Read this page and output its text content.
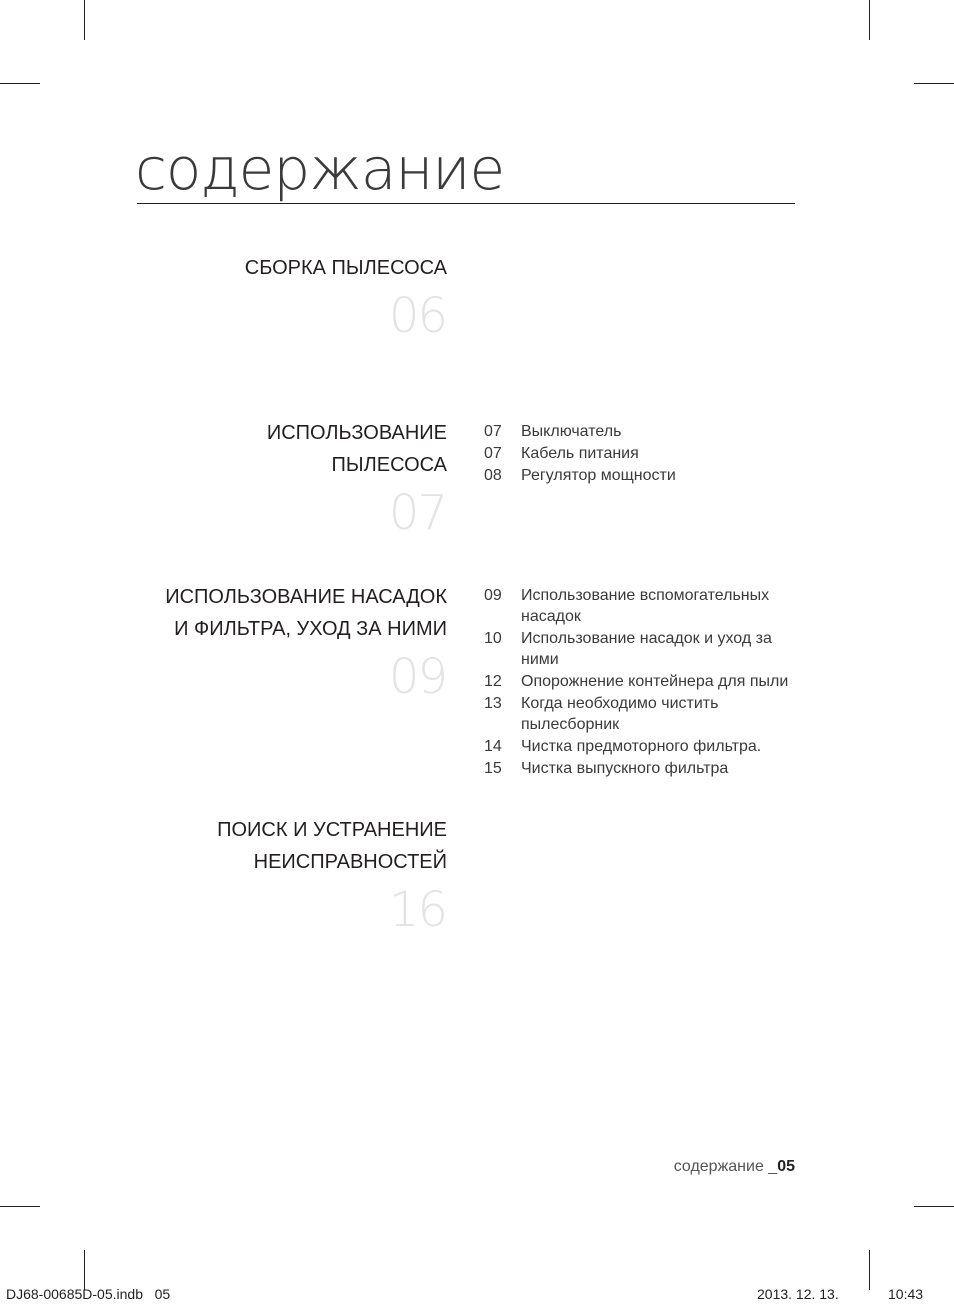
содержание
СБОРКА ПЫЛЕСОСА
06
ИСПОЛЬЗОВАНИЕ
ПЫЛЕСОСА
07
07	Выключатель
07	Кабель питания
08	Регулятор мощности
ИСПОЛЬЗОВАНИЕ НАСАДОК
И ФИЛЬТРА, УХОД ЗА НИМИ
09
09	Использование вспомогательных насадок
10	Использование насадок и уход за ними
12	Опорожнение контейнера для пыли
13	Когда необходимо чистить пылесборник
14	Чистка предмоторного фильтра.
15	Чистка выпускного фильтра
ПОИСК И УСТРАНЕНИЕ
НЕИСПРАВНОСТЕЙ
16
содержание _05
DJ68-00685D-05.indb   05	2013. 12. 13.	10:43
